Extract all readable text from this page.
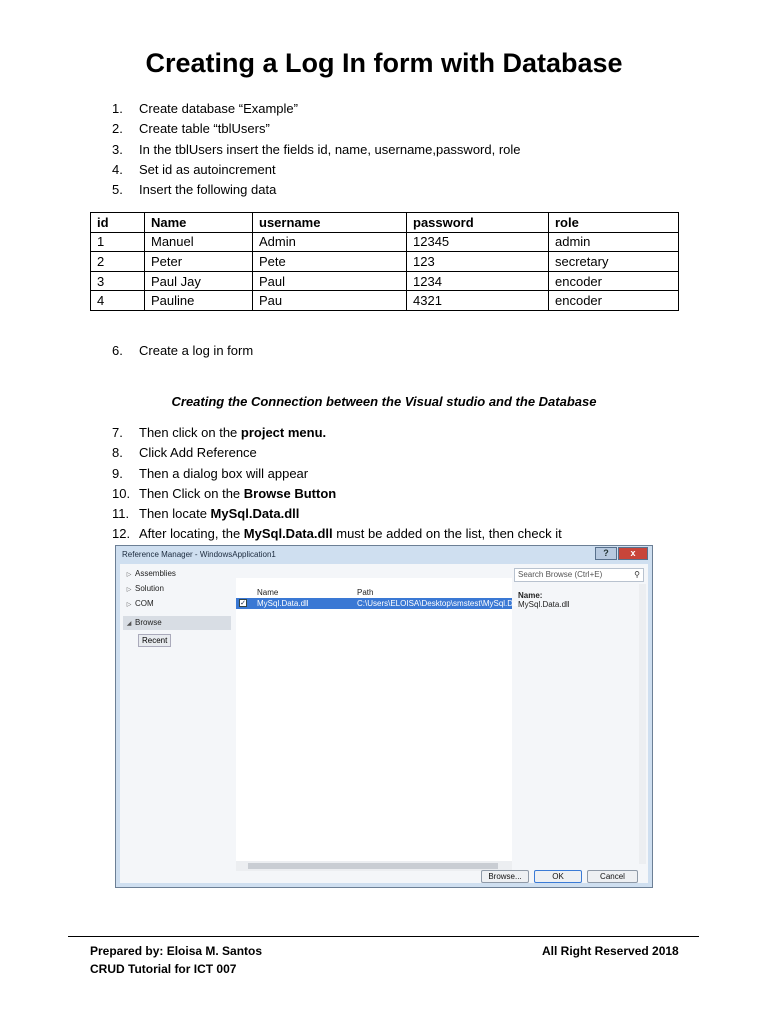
Creating a Log In form with Database
1. Create database “Example”
2. Create table “tblUsers”
3. In the tblUsers insert the fields id, name, username,password, role
4. Set id as autoincrement
5. Insert the following data
id	Name	username	password	role
1	Manuel	Admin	12345	admin
2	Peter	Pete	123	secretary
3	Paul Jay	Paul	1234	encoder
4	Pauline	Pau	4321	encoder
6. Create a log in form
Creating the Connection between the Visual studio and the Database
7. Then click on the project menu.
8. Click Add Reference
9. Then a dialog box will appear
10. Then Click on the Browse Button
11. Then locate MySql.Data.dll
12. After locating, the MySql.Data.dll must be added on the list, then check it
Reference Manager - WindowsApplication1	?	x
Recent
▷ Assemblies
▷ Solution
▷ COM
◢ Browse
Name	Path
✓ MySql.Data.dll	C:\Users\ELOISA\Desktop\smstest\MySql.Data.dll
Search Browse (Ctrl+E)	⚲
Name:
MySql.Data.dll
Browse...	OK	Cancel
Prepared by: Eloisa M. Santos
CRUD Tutorial for ICT 007
All Right Reserved 2018
